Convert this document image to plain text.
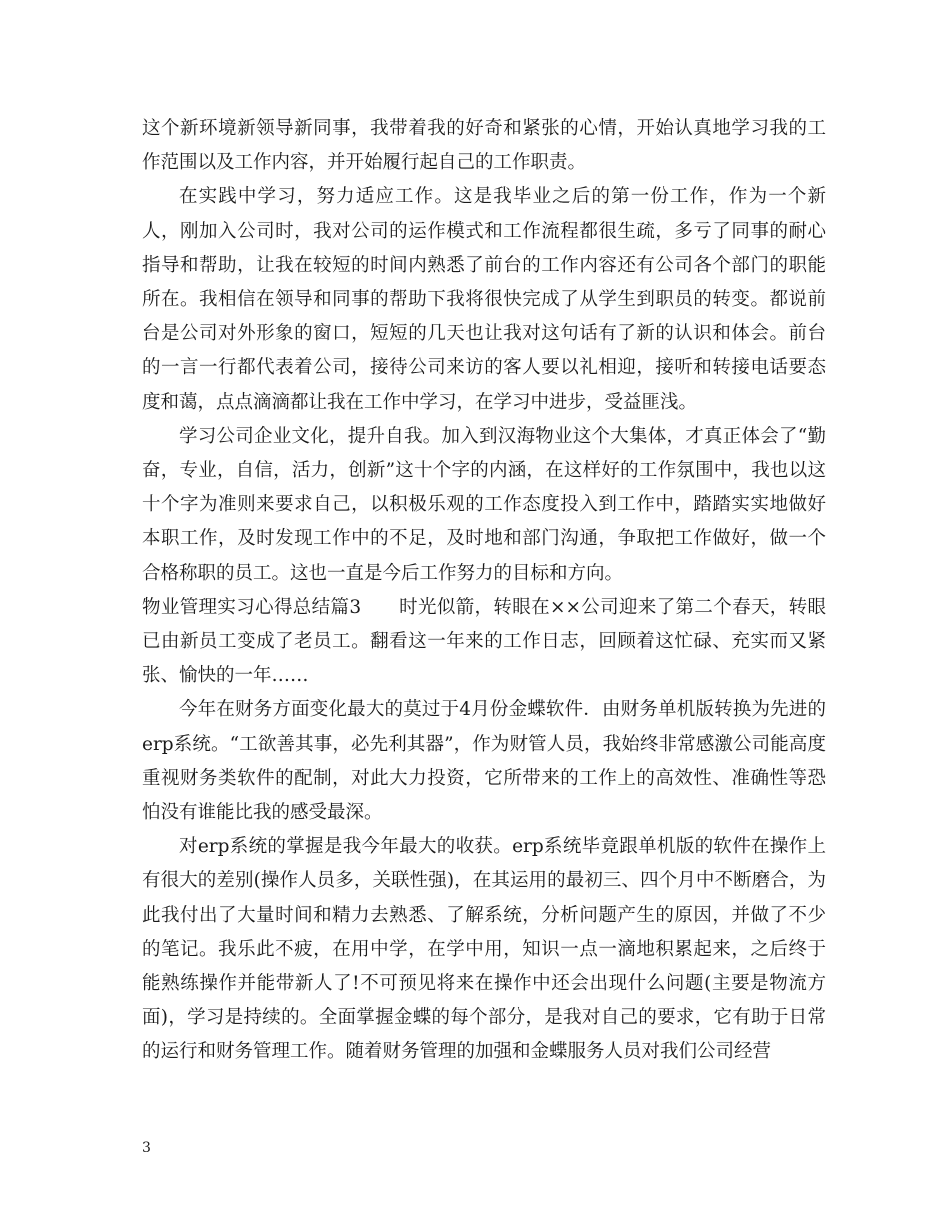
这个新环境新领导新同事，我带着我的好奇和紧张的心情，开始认真地学习我的工作范围以及工作内容，并开始履行起自己的工作职责。

在实践中学习，努力适应工作。这是我毕业之后的第一份工作，作为一个新人，刚加入公司时，我对公司的运作模式和工作流程都很生疏，多亏了同事的耐心指导和帮助，让我在较短的时间内熟悉了前台的工作内容还有公司各个部门的职能所在。我相信在领导和同事的帮助下我将很快完成了从学生到职员的转变。都说前台是公司对外形象的窗口，短短的几天也让我对这句话有了新的认识和体会。前台的一言一行都代表着公司，接待公司来访的客人要以礼相迎，接听和转接电话要态度和蔼，点点滴滴都让我在工作中学习，在学习中进步，受益匪浅。

学习公司企业文化，提升自我。加入到汉海物业这个大集体，才真正体会了“勤奋，专业，自信，活力，创新”这十个字的内涵，在这样好的工作氛围中，我也以这十个字为准则来要求自己，以积极乐观的工作态度投入到工作中，踏踏实实地做好本职工作，及时发现工作中的不足，及时地和部门沟通，争取把工作做好，做一个合格称职的员工。这也一直是今后工作努力的目标和方向。

物业管理实习心得总结篇3　　时光似箭，转眼在××公司迎来了第二个春天，转眼已由新员工变成了老员工。翻看这一年来的工作日志，回顾着这忙碌、充实而又紧张、愉快的一年……

今年在财务方面变化最大的莫过于4月份金蝶软件．由财务单机版转换为先进的erp系统。“工欲善其事，必先利其器”，作为财管人员，我始终非常感激公司能高度重视财务类软件的配制，对此大力投资，它所带来的工作上的高效性、准确性等恐怕没有谁能比我的感受最深。

对erp系统的掌握是我今年最大的收获。erp系统毕竟跟单机版的软件在操作上有很大的差别(操作人员多，关联性强)，在其运用的最初三、四个月中不断磨合，为此我付出了大量时间和精力去熟悉、了解系统，分析问题产生的原因，并做了不少的笔记。我乐此不疲，在用中学，在学中用，知识一点一滴地积累起来，之后终于能熟练操作并能带新人了!不可预见将来在操作中还会出现什么问题(主要是物流方面)，学习是持续的。全面掌握金蝶的每个部分，是我对自己的要求，它有助于日常的运行和财务管理工作。随着财务管理的加强和金蝶服务人员对我们公司经营

3
